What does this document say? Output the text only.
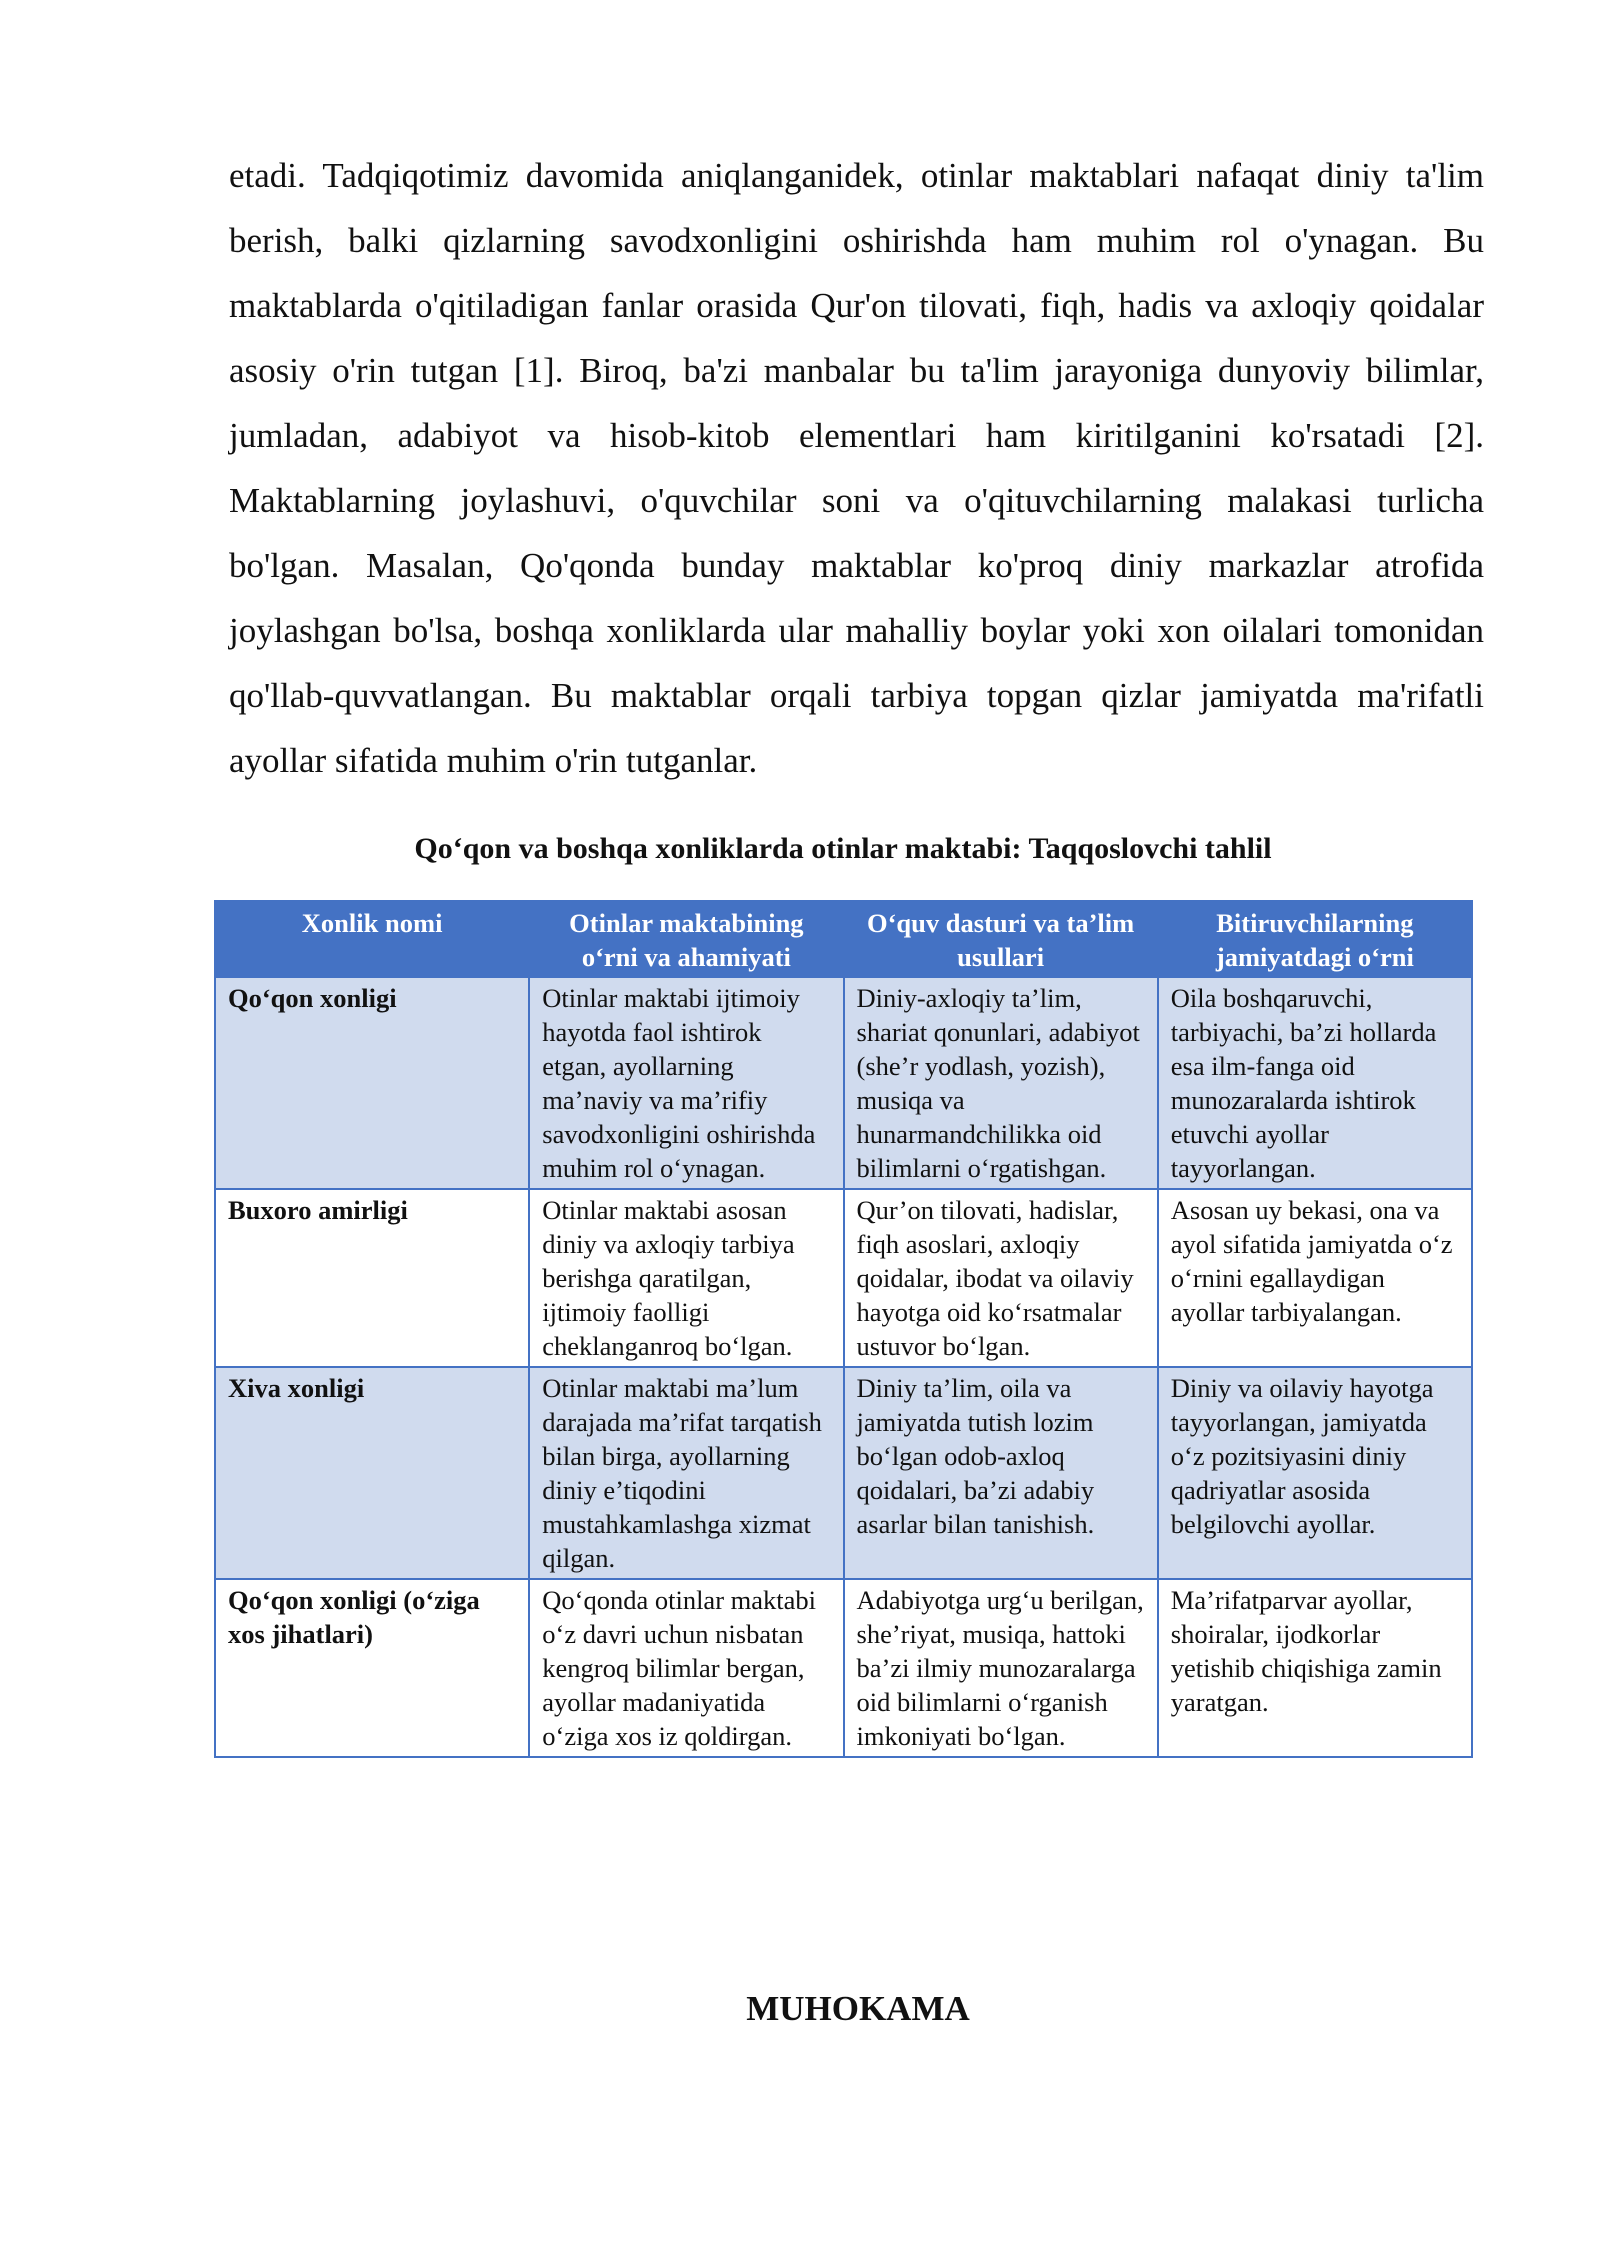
etadi. Tadqiqotimiz davomida aniqlanganidek, otinlar maktablari nafaqat diniy ta'lim berish, balki qizlarning savodxonligini oshirishda ham muhim rol o'ynagan. Bu maktablarda o'qitiladigan fanlar orasida Qur'on tilovati, fiqh, hadis va axloqiy qoidalar asosiy o'rin tutgan [1]. Biroq, ba'zi manbalar bu ta'lim jarayoniga dunyoviy bilimlar, jumladan, adabiyot va hisob-kitob elementlari ham kiritilganini ko'rsatadi [2]. Maktablarning joylashuvi, o'quvchilar soni va o'qituvchilarning malakasi turlicha bo'lgan. Masalan, Qo'qonda bunday maktablar ko'proq diniy markazlar atrofida joylashgan bo'lsa, boshqa xonliklarda ular mahalliy boylar yoki xon oilalari tomonidan qo'llab-quvvatlangan. Bu maktablar orqali tarbiya topgan qizlar jamiyatda ma'rifatli ayollar sifatida muhim o'rin tutganlar.

Qo‘qon va boshqa xonliklarda otinlar maktabi: Taqqoslovchi tahlil

Xonlik nomi	Otinlar maktabining o‘rni va ahamiyati	O‘quv dasturi va ta’lim usullari	Bitiruvchilarning jamiyatdagi o‘rni
Qo‘qon xonligi	Otinlar maktabi ijtimoiy hayotda faol ishtirok etgan, ayollarning ma’naviy va ma’rifiy savodxonligini oshirishda muhim rol o‘ynagan.	Diniy-axloqiy ta’lim, shariat qonunlari, adabiyot (she’r yodlash, yozish), musiqa va hunarmandchilikka oid bilimlarni o‘rgatishgan.	Oila boshqaruvchi, tarbiyachi, ba’zi hollarda esa ilm-fanga oid munozaralarda ishtirok etuvchi ayollar tayyorlangan.
Buxoro amirligi	Otinlar maktabi asosan diniy va axloqiy tarbiya berishga qaratilgan, ijtimoiy faolligi cheklanganroq bo‘lgan.	Qur’on tilovati, hadislar, fiqh asoslari, axloqiy qoidalar, ibodat va oilaviy hayotga oid ko‘rsatmalar ustuvor bo‘lgan.	Asosan uy bekasi, ona va ayol sifatida jamiyatda o‘z o‘rnini egallaydigan ayollar tarbiyalangan.
Xiva xonligi	Otinlar maktabi ma’lum darajada ma’rifat tarqatish bilan birga, ayollarning diniy e’tiqodini mustahkamlashga xizmat qilgan.	Diniy ta’lim, oila va jamiyatda tutish lozim bo‘lgan odob-axloq qoidalari, ba’zi adabiy asarlar bilan tanishish.	Diniy va oilaviy hayotga tayyorlangan, jamiyatda o‘z pozitsiyasini diniy qadriyatlar asosida belgilovchi ayollar.
Qo‘qon xonligi (o‘ziga xos jihatlari)	Qo‘qonda otinlar maktabi o‘z davri uchun nisbatan kengroq bilimlar bergan, ayollar madaniyatida o‘ziga xos iz qoldirgan.	Adabiyotga urg‘u berilgan, she’riyat, musiqa, hattoki ba’zi ilmiy munozaralarga oid bilimlarni o‘rganish imkoniyati bo‘lgan.	Ma’rifatparvar ayollar, shoiralar, ijodkorlar yetishib chiqishiga zamin yaratgan.
MUHOKAMA
